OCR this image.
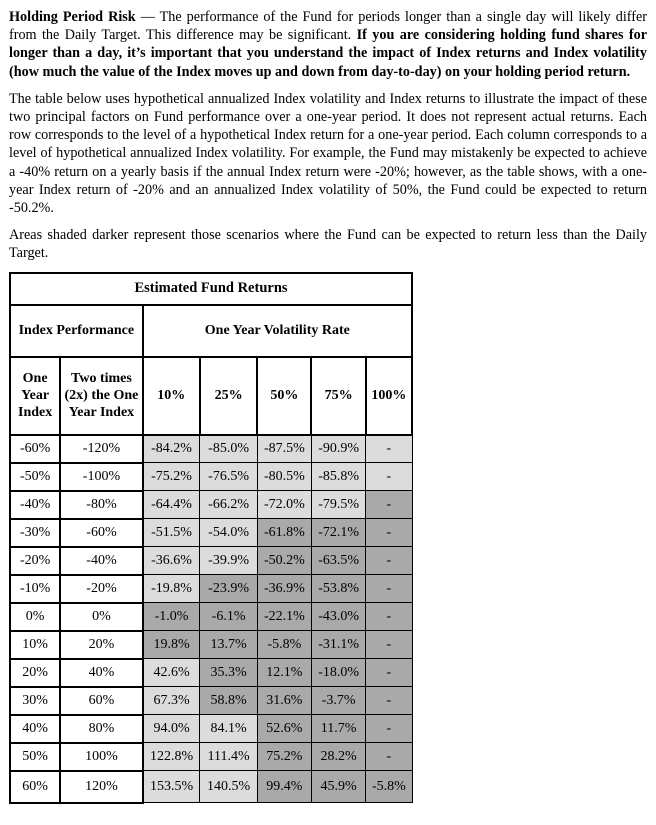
Holding Period Risk — The performance of the Fund for periods longer than a single day will likely differ from the Daily Target. This difference may be significant. If you are considering holding fund shares for longer than a day, it’s important that you understand the impact of Index returns and Index volatility (how much the value of the Index moves up and down from day-to-day) on your holding period return.

The table below uses hypothetical annualized Index volatility and Index returns to illustrate the impact of these two principal factors on Fund performance over a one-year period. It does not represent actual returns. Each row corresponds to the level of a hypothetical Index return for a one-year period. Each column corresponds to a level of hypothetical annualized Index volatility. For example, the Fund may mistakenly be expected to achieve a -40% return on a yearly basis if the annual Index return were -20%; however, as the table shows, with a one-year Index return of -20% and an annualized Index volatility of 50%, the Fund could be expected to return -50.2%.

Areas shaded darker represent those scenarios where the Fund can be expected to return less than the Daily Target.

Estimated Fund Returns						
Index Performance		One Year Volatility Rate				
One Year Index	Two times (2x) the One Year Index	10%	25%	50%	75%	100%
-60%	-120%	-84.2%	-85.0%	-87.5%	-90.9%	-
-50%	-100%	-75.2%	-76.5%	-80.5%	-85.8%	-
-40%	-80%	-64.4%	-66.2%	-72.0%	-79.5%	-
-30%	-60%	-51.5%	-54.0%	-61.8%	-72.1%	-
-20%	-40%	-36.6%	-39.9%	-50.2%	-63.5%	-
-10%	-20%	-19.8%	-23.9%	-36.9%	-53.8%	-
0%	0%	-1.0%	-6.1%	-22.1%	-43.0%	-
10%	20%	19.8%	13.7%	-5.8%	-31.1%	-
20%	40%	42.6%	35.3%	12.1%	-18.0%	-
30%	60%	67.3%	58.8%	31.6%	-3.7%	-
40%	80%	94.0%	84.1%	52.6%	11.7%	-
50%	100%	122.8%	111.4%	75.2%	28.2%	-
60%	120%	153.5%	140.5%	99.4%	45.9%	-5.8%
